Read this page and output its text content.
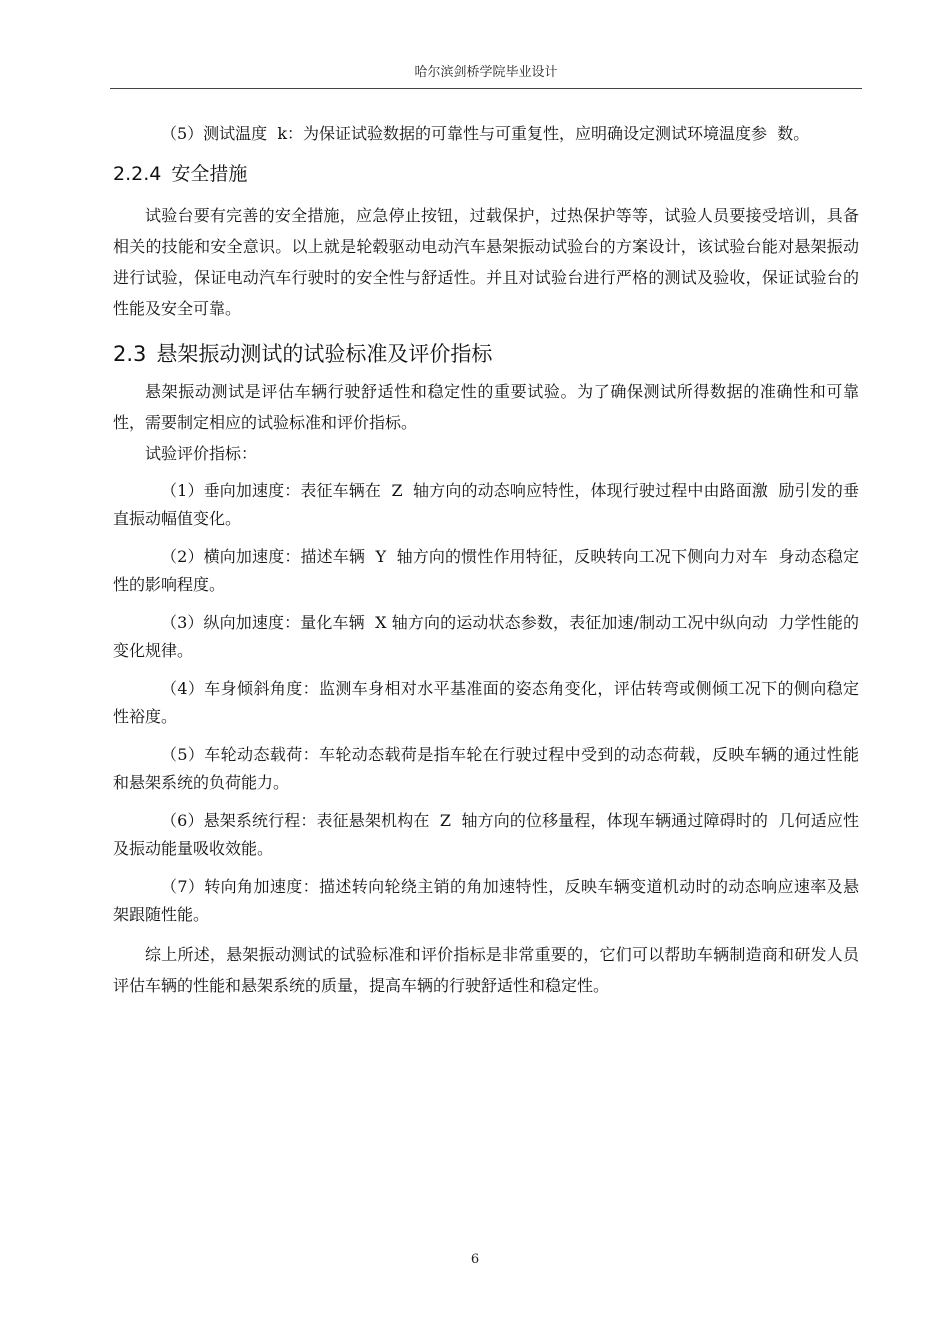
哈尔滨剑桥学院毕业设计

（5）测试温度  k：为保证试验数据的可靠性与可重复性，应明确设定测试环境温度参  数。

2.2.4 安全措施

试验台要有完善的安全措施，应急停止按钮，过载保护，过热保护等等，试验人员要接受培训，具备相关的技能和安全意识。以上就是轮毂驱动电动汽车悬架振动试验台的方案设计，该试验台能对悬架振动进行试验，保证电动汽车行驶时的安全性与舒适性。并且对试验台进行严格的测试及验收，保证试验台的性能及安全可靠。

2.3 悬架振动测试的试验标准及评价指标

悬架振动测试是评估车辆行驶舒适性和稳定性的重要试验。为了确保测试所得数据的准确性和可靠性，需要制定相应的试验标准和评价指标。

试验评价指标：

（1）垂向加速度：表征车辆在  Z  轴方向的动态响应特性，体现行驶过程中由路面激  励引发的垂直振动幅值变化。

（2）横向加速度：描述车辆  Y  轴方向的惯性作用特征，反映转向工况下侧向力对车  身动态稳定性的影响程度。

（3）纵向加速度：量化车辆  X 轴方向的运动状态参数，表征加速/制动工况中纵向动  力学性能的变化规律。

（4）车身倾斜角度：监测车身相对水平基准面的姿态角变化，评估转弯或侧倾工况下的侧向稳定性裕度。

（5）车轮动态载荷：车轮动态载荷是指车轮在行驶过程中受到的动态荷载，反映车辆的通过性能和悬架系统的负荷能力。

（6）悬架系统行程：表征悬架机构在  Z  轴方向的位移量程，体现车辆通过障碍时的  几何适应性及振动能量吸收效能。

（7）转向角加速度：描述转向轮绕主销的角加速特性，反映车辆变道机动时的动态响应速率及悬架跟随性能。

综上所述，悬架振动测试的试验标准和评价指标是非常重要的，它们可以帮助车辆制造商和研发人员评估车辆的性能和悬架系统的质量，提高车辆的行驶舒适性和稳定性。

6
